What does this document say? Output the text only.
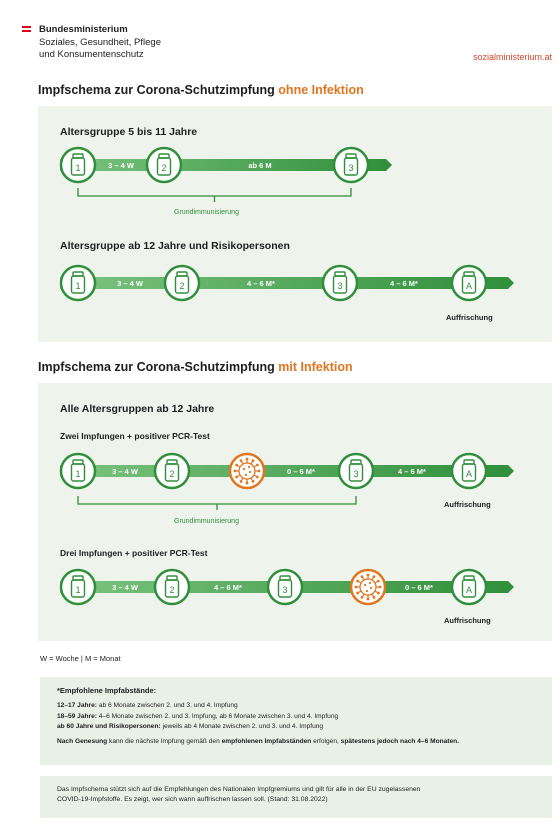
Bundesministerium
Soziales, Gesundheit, Pflege
und Konsumentenschutz	sozialministerium.at
Impfschema zur Corona-Schutzimpfung ohne Infektion
Altersgruppe 5 bis 11 Jahre
1	2	3
3 – 4 W	ab 6 M
1	2	3	A
3 – 4 W	4 – 6 M*	4 – 6 M*
Altersgruppe ab 12 Jahre und Risikopersonen
Grundimmunisierung
Auffrischung
Impfschema zur Corona-Schutzimpfung mit Infektion
Alle Altersgruppen ab 12 Jahre
Zwei Impfungen + positiver PCR-Test
1	2	3	A
3 – 4 W	0 – 6 M*	4 – 6 M*
1	2	3	A
3 – 4 W	4 – 6 M*	0 – 6 M*
Grundimmunisierung
Auffrischung
Drei Impfungen + positiver PCR-Test
Auffrischung
W = Woche | M = Monat
*Empfohlene Impfabstände:
12–17 Jahre: ab 6 Monate zwischen 2. und 3. und 4. Impfung
18–59 Jahre: 4–6 Monate zwischen 2. und 3. Impfung, ab 6 Monate zwischen 3. und 4. Impfung
ab 60 Jahre und Risikopersonen: jeweils ab 4 Monate zwischen 2. und 3. und 4. Impfung
Nach Genesung kann die nächste Impfung gemäß den empfohlenen Impfabständen erfolgen, spätestens jedoch nach 4–6 Monaten.
Das Impfschema stützt sich auf die Empfehlungen des Nationalen Impfgremiums und gilt für alle in der EU zugelassenen
COVID-19-Impfstoffe. Es zeigt, wer sich wann auffrischen lassen soll. (Stand: 31.08.2022)
